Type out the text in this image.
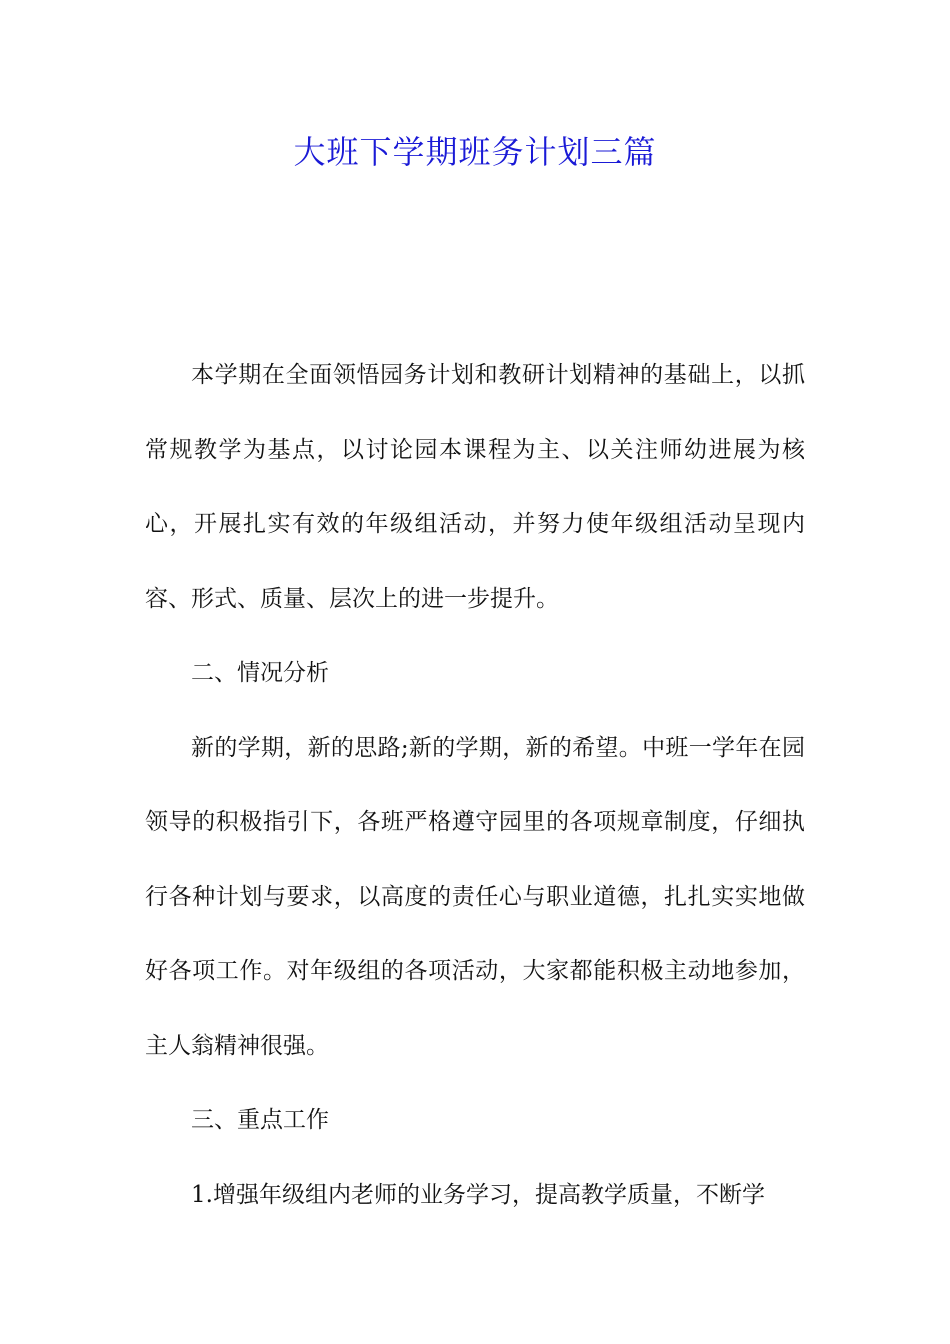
大班下学期班务计划三篇

本学期在全面领悟园务计划和教研计划精神的基础上，以抓常规教学为基点，以讨论园本课程为主、以关注师幼进展为核心，开展扎实有效的年级组活动，并努力使年级组活动呈现内容、形式、质量、层次上的进一步提升。

二、情况分析

新的学期，新的思路;新的学期，新的希望。中班一学年在园领导的积极指引下，各班严格遵守园里的各项规章制度，仔细执行各种计划与要求，以高度的责任心与职业道德，扎扎实实地做好各项工作。对年级组的各项活动，大家都能积极主动地参加，主人翁精神很强。

三、重点工作

1.增强年级组内老师的业务学习，提高教学质量，不断学
